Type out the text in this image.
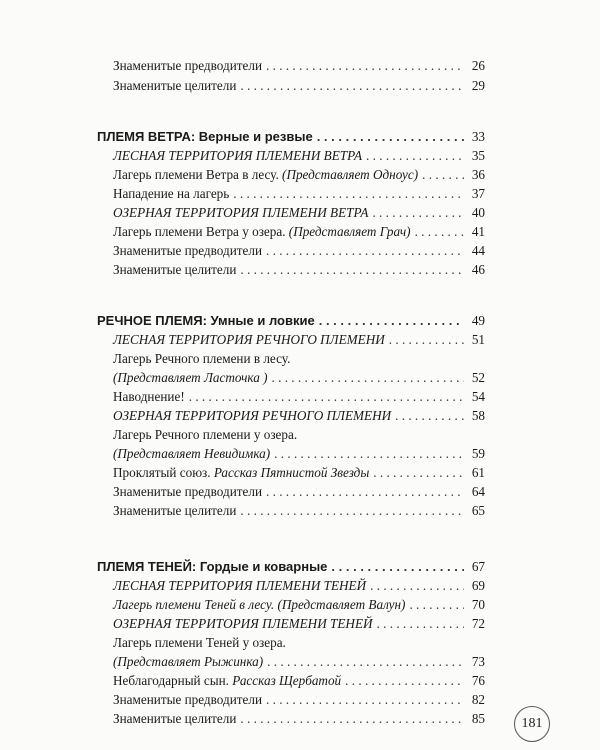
Знаменитые предводители . . .	26
Знаменитые целители . . .	29
ПЛЕМЯ ВЕТРА: Верные и резвые . . .	33
ЛЕСНАЯ ТЕРРИТОРИЯ ПЛЕМЕНИ ВЕТРА . . .	35
Лагерь племени Ветра в лесу. (Представляет Одноус) . . .	36
Нападение на лагерь . . .	37
ОЗЕРНАЯ ТЕРРИТОРИЯ ПЛЕМЕНИ ВЕТРА . . .	40
Лагерь племени Ветра у озера. (Представляет Грач) . . .	41
Знаменитые предводители . . .	44
Знаменитые целители . . .	46
РЕЧНОЕ ПЛЕМЯ: Умные и ловкие . . .	49
ЛЕСНАЯ ТЕРРИТОРИЯ РЕЧНОГО ПЛЕМЕНИ . . .	51
Лагерь Речного племени в лесу.
(Представляет Ласточка ) . . .	52
Наводнение! . . .	54
ОЗЕРНАЯ ТЕРРИТОРИЯ РЕЧНОГО ПЛЕМЕНИ . . .	58
Лагерь Речного племени у озера.
(Представляет Невидимка) . . .	59
Проклятый союз. Рассказ Пятнистой Звезды . . .	61
Знаменитые предводители . . .	64
Знаменитые целители . . .	65
ПЛЕМЯ ТЕНЕЙ: Гордые и коварные . . .	67
ЛЕСНАЯ ТЕРРИТОРИЯ ПЛЕМЕНИ ТЕНЕЙ . . .	69
Лагерь племени Теней в лесу. (Представляет Валун) . . .	70
ОЗЕРНАЯ ТЕРРИТОРИЯ ПЛЕМЕНИ ТЕНЕЙ . . .	72
Лагерь племени Теней у озера.
(Представляет Рыжинка) . . .	73
Неблагодарный сын. Рассказ Щербатой . . .	76
Знаменитые предводители . . .	82
Знаменитые целители . . .	85	181
